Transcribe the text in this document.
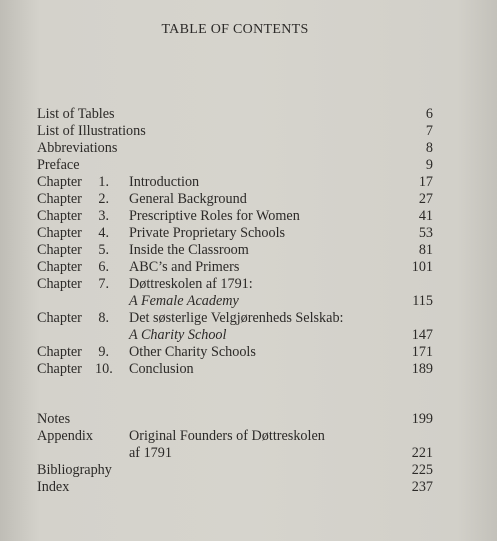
TABLE OF CONTENTS
List of Tables	6
List of Illustrations	7
Abbreviations	8
Preface	9
Chapter 1. Introduction	17
Chapter 2. General Background	27
Chapter 3. Prescriptive Roles for Women	41
Chapter 4. Private Proprietary Schools	53
Chapter 5. Inside the Classroom	81
Chapter 6. ABC’s and Primers	101
Chapter 7. Døttreskolen af 1791:
A Female Academy	115
Chapter 8. Det søsterlige Velgjørenheds Selskab:
A Charity School	147
Chapter 9. Other Charity Schools	171
Chapter 10. Conclusion	189
Notes	199
Appendix	Original Founders of Døttreskolen
af 1791	221
Bibliography	225
Index	237
